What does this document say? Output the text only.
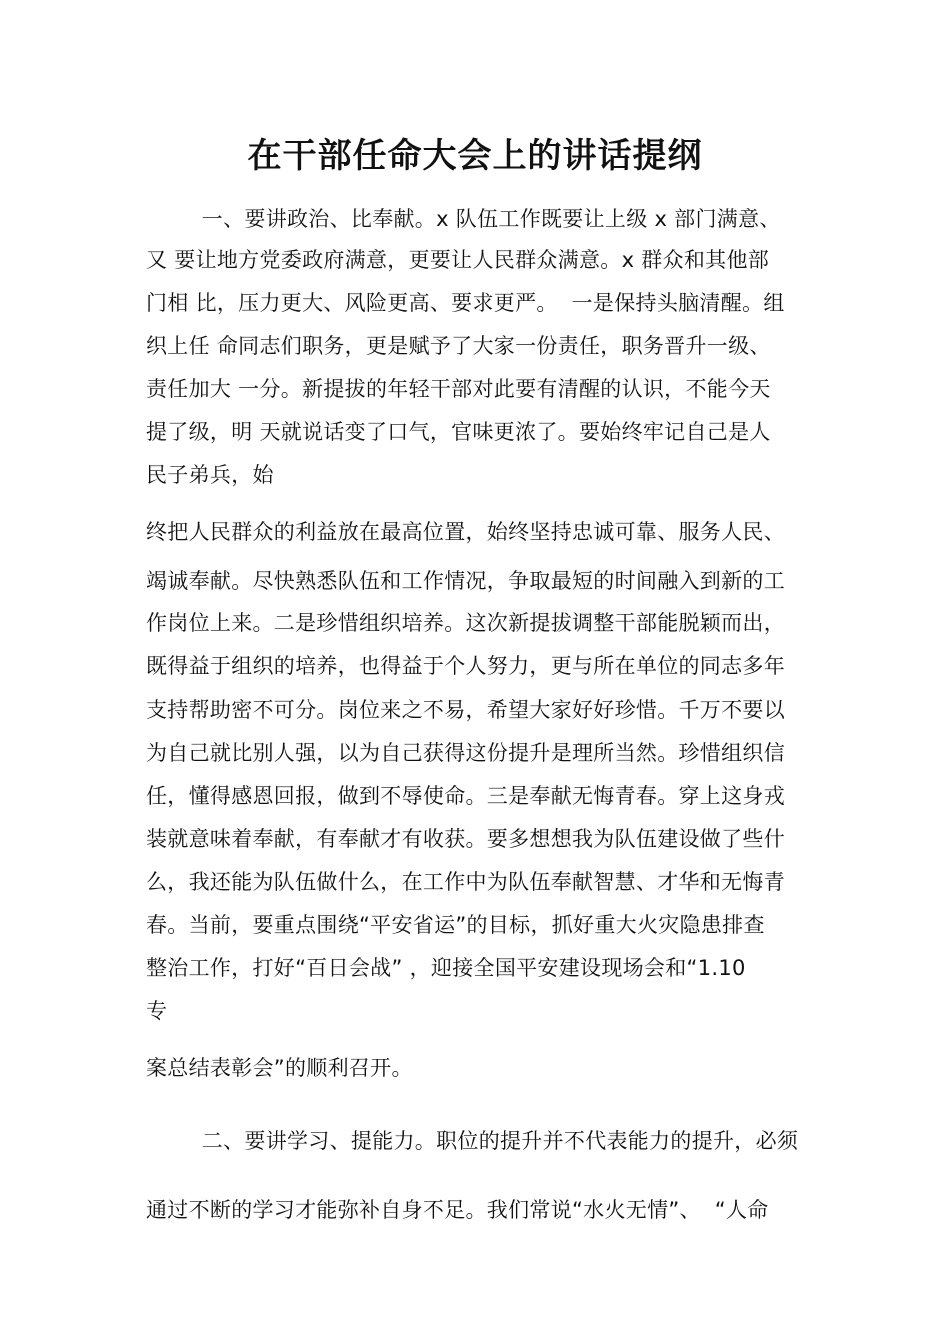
在干部任命大会上的讲话提纲
一、要讲政治、比奉献。x 队伍工作既要让上级 x 部门满意、
又 要让地方党委政府满意，更要让人民群众满意。x 群众和其他部
门相 比，压力更大、风险更高、要求更严。  一是保持头脑清醒。组
织上任 命同志们职务，更是赋予了大家一份责任，职务晋升一级、
责任加大 一分。新提拔的年轻干部对此要有清醒的认识，不能今天
提了级，明 天就说话变了口气，官味更浓了。要始终牢记自己是人
民子弟兵，始
终把人民群众的利益放在最高位置，始终坚持忠诚可靠、服务人民、
竭诚奉献。尽快熟悉队伍和工作情况，争取最短的时间融入到新的工
作岗位上来。二是珍惜组织培养。这次新提拔调整干部能脱颖而出，
既得益于组织的培养，也得益于个人努力，更与所在单位的同志多年
支持帮助密不可分。岗位来之不易，希望大家好好珍惜。千万不要以
为自己就比别人强，以为自己获得这份提升是理所当然。珍惜组织信
任，懂得感恩回报，做到不辱使命。三是奉献无悔青春。穿上这身戎
装就意味着奉献，有奉献才有收获。要多想想我为队伍建设做了些什
么，我还能为队伍做什么，在工作中为队伍奉献智慧、才华和无悔青
春。当前，要重点围绕“平安省运”的目标，抓好重大火灾隐患排查
整治工作，打好“百日会战” ，迎接全国平安建设现场会和“1.10
专
案总结表彰会”的顺利召开。
二、要讲学习、提能力。职位的提升并不代表能力的提升，必须
通过不断的学习才能弥补自身不足。我们常说“水火无情”、  “人命
